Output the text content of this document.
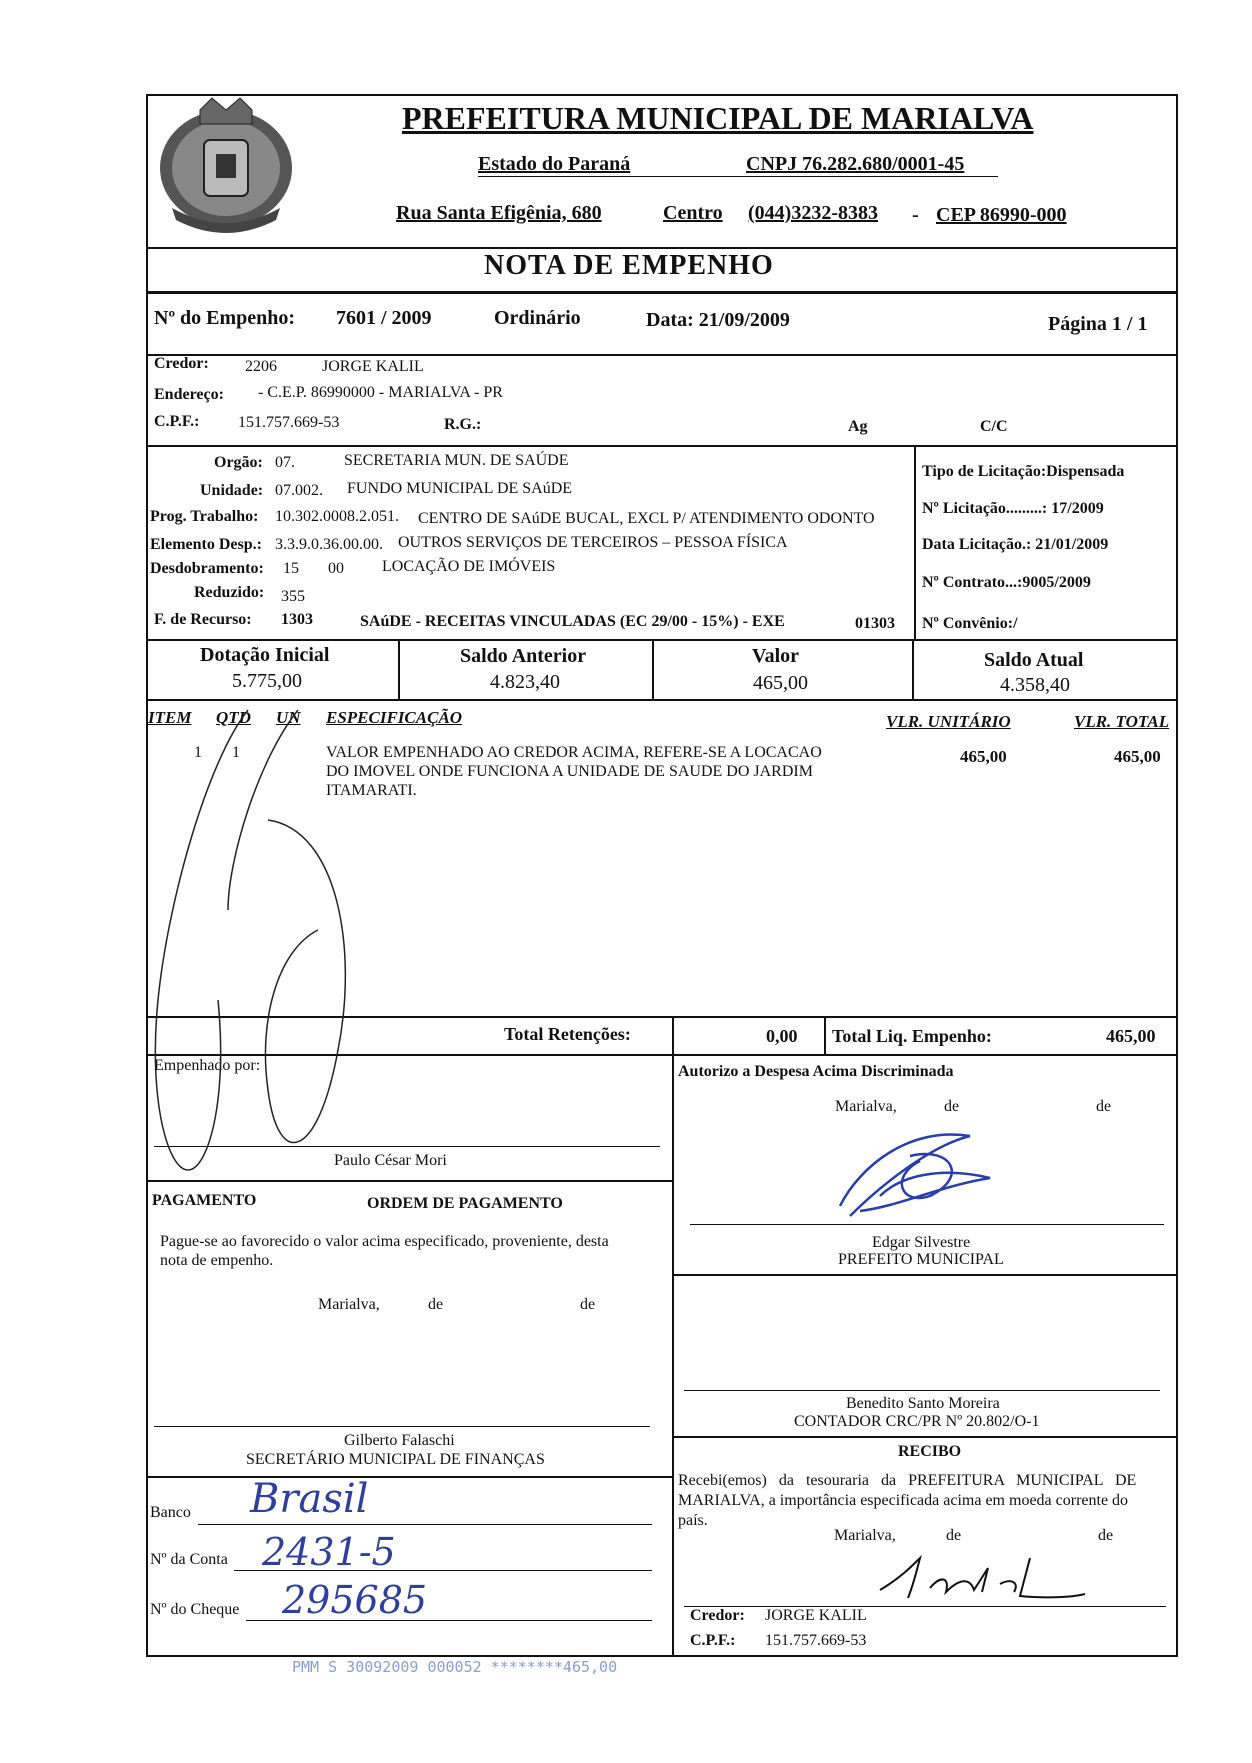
PREFEITURA MUNICIPAL DE MARIALVA
Estado do Paraná	CNPJ 76.282.680/0001-45
Rua Santa Efigênia, 680	Centro (044)3232-8383 - CEP 86990-000
NOTA DE EMPENHO
Nº do Empenho: 7601 / 2009	Ordinário	Data: 21/09/2009	Página 1 / 1
Credor: 2206	JORGE KALIL
Endereço: - C.E.P. 86990000 - MARIALVA - PR
C.P.F.: 151.757.669-53	R.G.:	Ag	C/C
Orgão: 07.	SECRETARIA MUN. DE SAÚDE
Unidade: 07.002. FUNDO MUNICIPAL DE SAúDE
Prog. Trabalho: 10.302.0008.2.051. CENTRO DE SAúDE BUCAL, EXCL P/ ATENDIMENTO ODONTO
Elemento Desp.: 3.3.9.0.36.00.00. OUTROS SERVIÇOS DE TERCEIROS – PESSOA FÍSICA
Desdobramento: 15 00 LOCAÇÃO DE IMÓVEIS
Reduzido: 355
F. de Recurso: 1303	SAúDE - RECEITAS VINCULADAS (EC 29/00 - 15%) - EXE	01303
Tipo de Licitação:Dispensada
Nº Licitação.........: 17/2009
Data Licitação.: 21/01/2009
Nº Contrato...:9005/2009
Nº Convênio:/
Dotação Inicial
5.775,00
Saldo Anterior
4.823,40
Valor
465,00
Saldo Atual
4.358,40
ITEM QTD UN ESPECIFICAÇÃO	VLR. UNITÁRIO	VLR. TOTAL
1 1	VALOR EMPENHADO AO CREDOR ACIMA, REFERE-SE A LOCACAO
DO IMOVEL ONDE FUNCIONA A UNIDADE DE SAUDE DO JARDIM
ITAMARATI.
465,00	465,00
Total Retenções:	0,00 Total Liq. Empenho:	465,00
Empenhado por:
Paulo César Mori
Autorizo a Despesa Acima Discriminada
Marialva,	de	de
Edgar Silvestre
PREFEITO MUNICIPAL
PAGAMENTO	ORDEM DE PAGAMENTO
Pague-se ao favorecido o valor acima especificado, proveniente, desta
nota de empenho.
Marialva,	de	de
Gilberto Falaschi
SECRETÁRIO MUNICIPAL DE FINANÇAS
Benedito Santo Moreira
CONTADOR CRC/PR Nº 20.802/O-1
Banco Brasil
Nº da Conta 2431-5
Nº do Cheque 295685
RECIBO
Recebi(emos) da tesouraria da PREFEITURA MUNICIPAL DE
MARIALVA, a importância especificada acima em moeda corrente do
país.
Marialva,	de	de
Credor: JORGE KALIL
C.P.F.: 151.757.669-53
PMM S 30092009 000052 ********465,00
